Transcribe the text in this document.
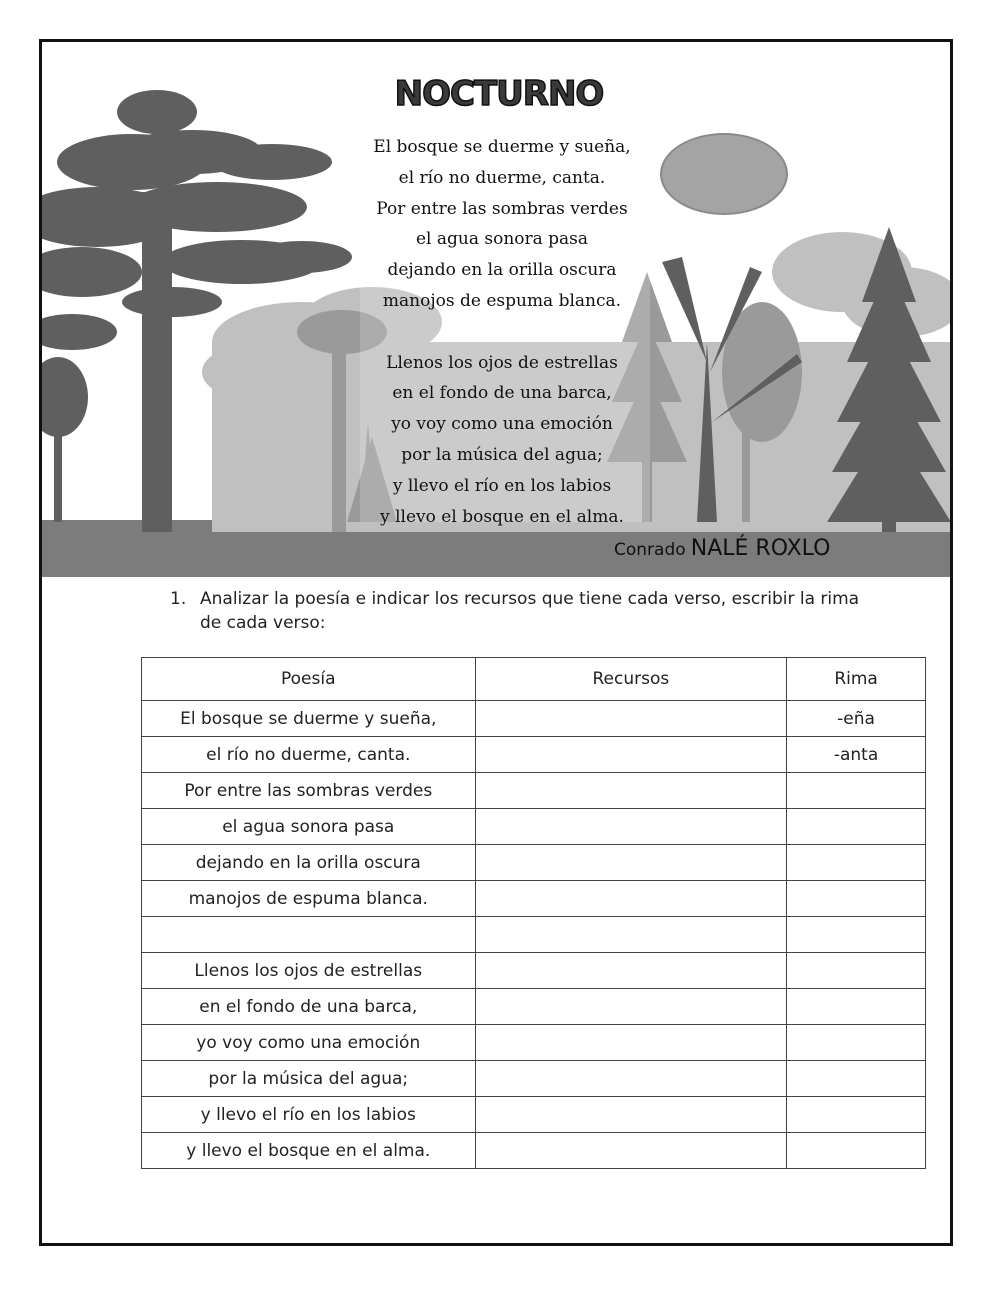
NOCTURNO
El bosque se duerme y sueña,
el río no duerme, canta.
Por entre las sombras verdes
el agua sonora pasa
dejando en la orilla oscura
manojos de espuma blanca.
Llenos los ojos de estrellas
en el fondo de una barca,
yo voy como una emoción
por la música del agua;
y llevo el río en los labios
y llevo el bosque en el alma.
Conrado NALÉ ROXLO
1. Analizar la poesía e indicar los recursos que tiene cada verso, escribir la rima de cada verso:
Poesía	Recursos	Rima
El bosque se duerme y sueña,		-eña
el río no duerme, canta.		-anta
Por entre las sombras verdes		
el agua sonora pasa		
dejando en la orilla oscura		
manojos de espuma blanca.		

Llenos los ojos de estrellas		
en el fondo de una barca,		
yo voy como una emoción		
por la música del agua;		
y llevo el río en los labios		
y llevo el bosque en el alma.		
